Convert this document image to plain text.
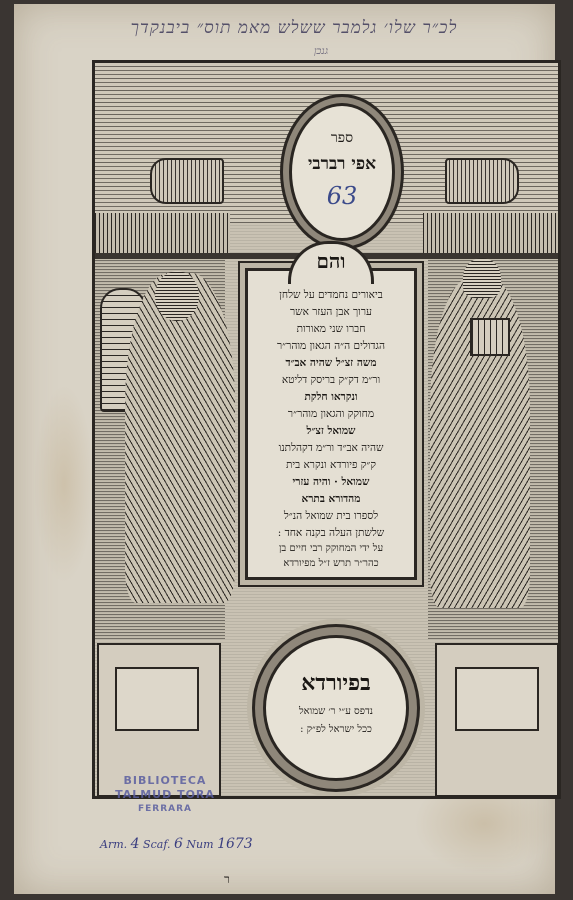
לכ״ר שלו׳ גלמבר ששלש מאמ תוס״ ביבנקדך
גנכן
ספר
אפי רברבי
63
והם
ביאורים נחמדים על שלחן
ערוך אבן העזר אשר
חברו שני מאורות
הגדולים ה״ה הגאון מוהר״ר
משה זצ״ל שהיה אב״ד
ור״מ דק״ק בריסק דליטא
ונקראו חלקת
מחוקק והגאון מוהר״ר
שמואל זצ״ל
שהיה אב״ד ור״מ דקהלתנו
ק״ק פיורדא ונקרא בית
שמואל · והיה עזרי
מהדורא בתרא
לספרו בית שמואל הנ״ל
שלשתן העלה בקנה אחד :
על ידי המחוקק רבי חיים בן
כהר״ר תרש ז״ל מפיורדא
בפיורדא
נדפס ע״י ר׳ שמואל
ככל ישראל לפ״ק :
BIBLIOTECA
TALMUD TORA
FERRARA
Arm. 4 Scaf. 6 Num 1673
ר
